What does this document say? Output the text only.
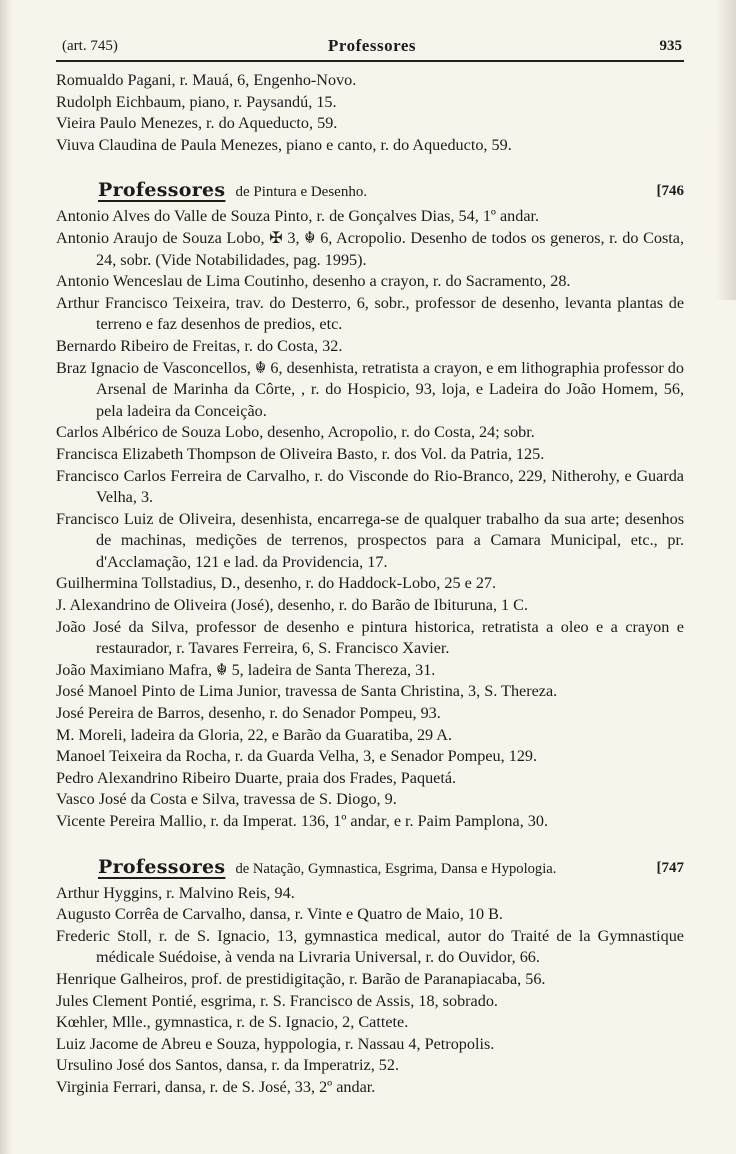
(art. 745)	Professores	935

Romualdo Pagani, r. Mauá, 6, Engenho-Novo.

Rudolph Eichbaum, piano, r. Paysandú, 15.

Vieira Paulo Menezes, r. do Aqueducto, 59.

Viuva Claudina de Paula Menezes, piano e canto, r. do Aqueducto, 59.

Professores de Pintura e Desenho.	[746

Antonio Alves do Valle de Souza Pinto, r. de Gonçalves Dias, 54, 1º andar.

Antonio Araujo de Souza Lobo, ✠ 3, ☬ 6, Acropolio. Desenho de todos os generos, r. do Costa, 24, sobr. (Vide Notabilidades, pag. 1995).

Antonio Wenceslau de Lima Coutinho, desenho a crayon, r. do Sacramento, 28.

Arthur Francisco Teixeira, trav. do Desterro, 6, sobr., professor de desenho, levanta plantas de terreno e faz desenhos de predios, etc.

Bernardo Ribeiro de Freitas, r. do Costa, 32.

Braz Ignacio de Vasconcellos, ☬ 6, desenhista, retratista a crayon, e em lithographia professor do Arsenal de Marinha da Côrte, , r. do Hospicio, 93, loja, e Ladeira do João Homem, 56, pela ladeira da Conceição.

Carlos Albérico de Souza Lobo, desenho, Acropolio, r. do Costa, 24; sobr.

Francisca Elizabeth Thompson de Oliveira Basto, r. dos Vol. da Patria, 125.

Francisco Carlos Ferreira de Carvalho, r. do Visconde do Rio-Branco, 229, Nitherohy, e Guarda Velha, 3.

Francisco Luiz de Oliveira, desenhista, encarrega-se de qualquer trabalho da sua arte; desenhos de machinas, medições de terrenos, prospectos para a Camara Municipal, etc., pr. d'Acclamação, 121 e lad. da Providencia, 17.

Guilhermina Tollstadius, D., desenho, r. do Haddock-Lobo, 25 e 27.

J. Alexandrino de Oliveira (José), desenho, r. do Barão de Ibituruna, 1 C.

João José da Silva, professor de desenho e pintura historica, retratista a oleo e a crayon e restaurador, r. Tavares Ferreira, 6, S. Francisco Xavier.

João Maximiano Mafra, ☬ 5, ladeira de Santa Thereza, 31.

José Manoel Pinto de Lima Junior, travessa de Santa Christina, 3, S. Thereza.

José Pereira de Barros, desenho, r. do Senador Pompeu, 93.

M. Moreli, ladeira da Gloria, 22, e Barão da Guaratiba, 29 A.

Manoel Teixeira da Rocha, r. da Guarda Velha, 3, e Senador Pompeu, 129.

Pedro Alexandrino Ribeiro Duarte, praia dos Frades, Paquetá.

Vasco José da Costa e Silva, travessa de S. Diogo, 9.

Vicente Pereira Mallio, r. da Imperat. 136, 1º andar, e r. Paim Pamplona, 30.

Professores de Natação, Gymnastica, Esgrima, Dansa e Hypologia.	[747

Arthur Hyggins, r. Malvino Reis, 94.

Augusto Corrêa de Carvalho, dansa, r. Vinte e Quatro de Maio, 10 B.

Frederic Stoll, r. de S. Ignacio, 13, gymnastica medical, autor do Traité de la Gymnastique médicale Suédoise, à venda na Livraria Universal, r. do Ouvidor, 66.

Henrique Galheiros, prof. de prestidigitação, r. Barão de Paranapiacaba, 56.

Jules Clement Pontié, esgrima, r. S. Francisco de Assis, 18, sobrado.

Kœhler, Mlle., gymnastica, r. de S. Ignacio, 2, Cattete.

Luiz Jacome de Abreu e Souza, hyppologia, r. Nassau 4, Petropolis.

Ursulino José dos Santos, dansa, r. da Imperatriz, 52.

Virginia Ferrari, dansa, r. de S. José, 33, 2º andar.
